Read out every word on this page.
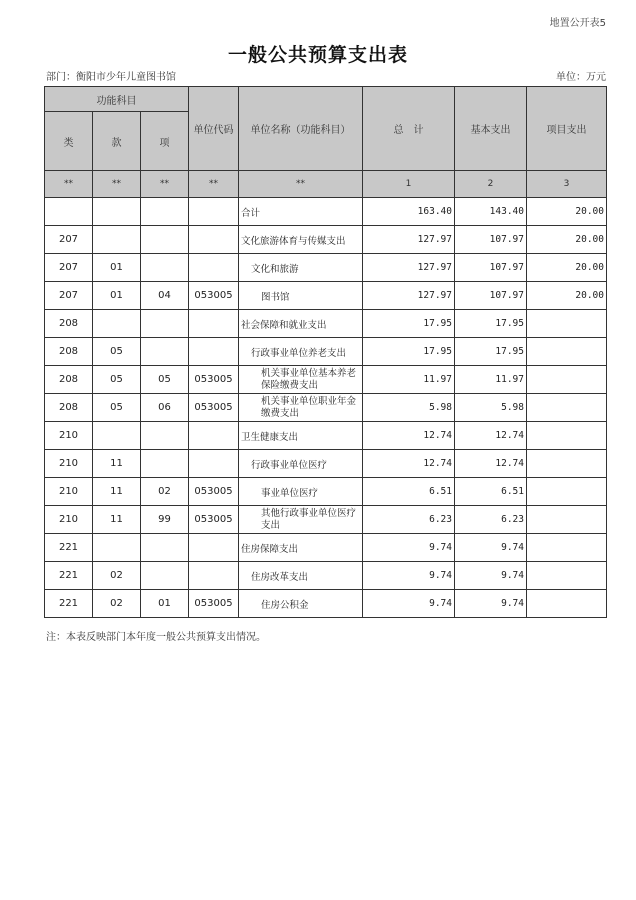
地置公开表5
一般公共预算支出表
部门：衡阳市少年儿童图书馆	单位：万元
功能科目			单位代码	单位名称（功能科目）	总　计	基本支出	项目支出
类	款	项					
**	**	**	**	**	1	2	3
				合计	163.40	143.40	20.00
207				文化旅游体育与传媒支出	127.97	107.97	20.00
207	01			文化和旅游	127.97	107.97	20.00
207	01	04	053005	图书馆	127.97	107.97	20.00
208				社会保障和就业支出	17.95	17.95	
208	05			行政事业单位养老支出	17.95	17.95	
208	05	05	053005	机关事业单位基本养老保险缴费支出	11.97	11.97	
208	05	06	053005	机关事业单位职业年金缴费支出	5.98	5.98	
210				卫生健康支出	12.74	12.74	
210	11			行政事业单位医疗	12.74	12.74	
210	11	02	053005	事业单位医疗	6.51	6.51	
210	11	99	053005	其他行政事业单位医疗支出	6.23	6.23	
221				住房保障支出	9.74	9.74	
221	02			住房改革支出	9.74	9.74	
221	02	01	053005	住房公积金	9.74	9.74	
注：本表反映部门本年度一般公共预算支出情况。
